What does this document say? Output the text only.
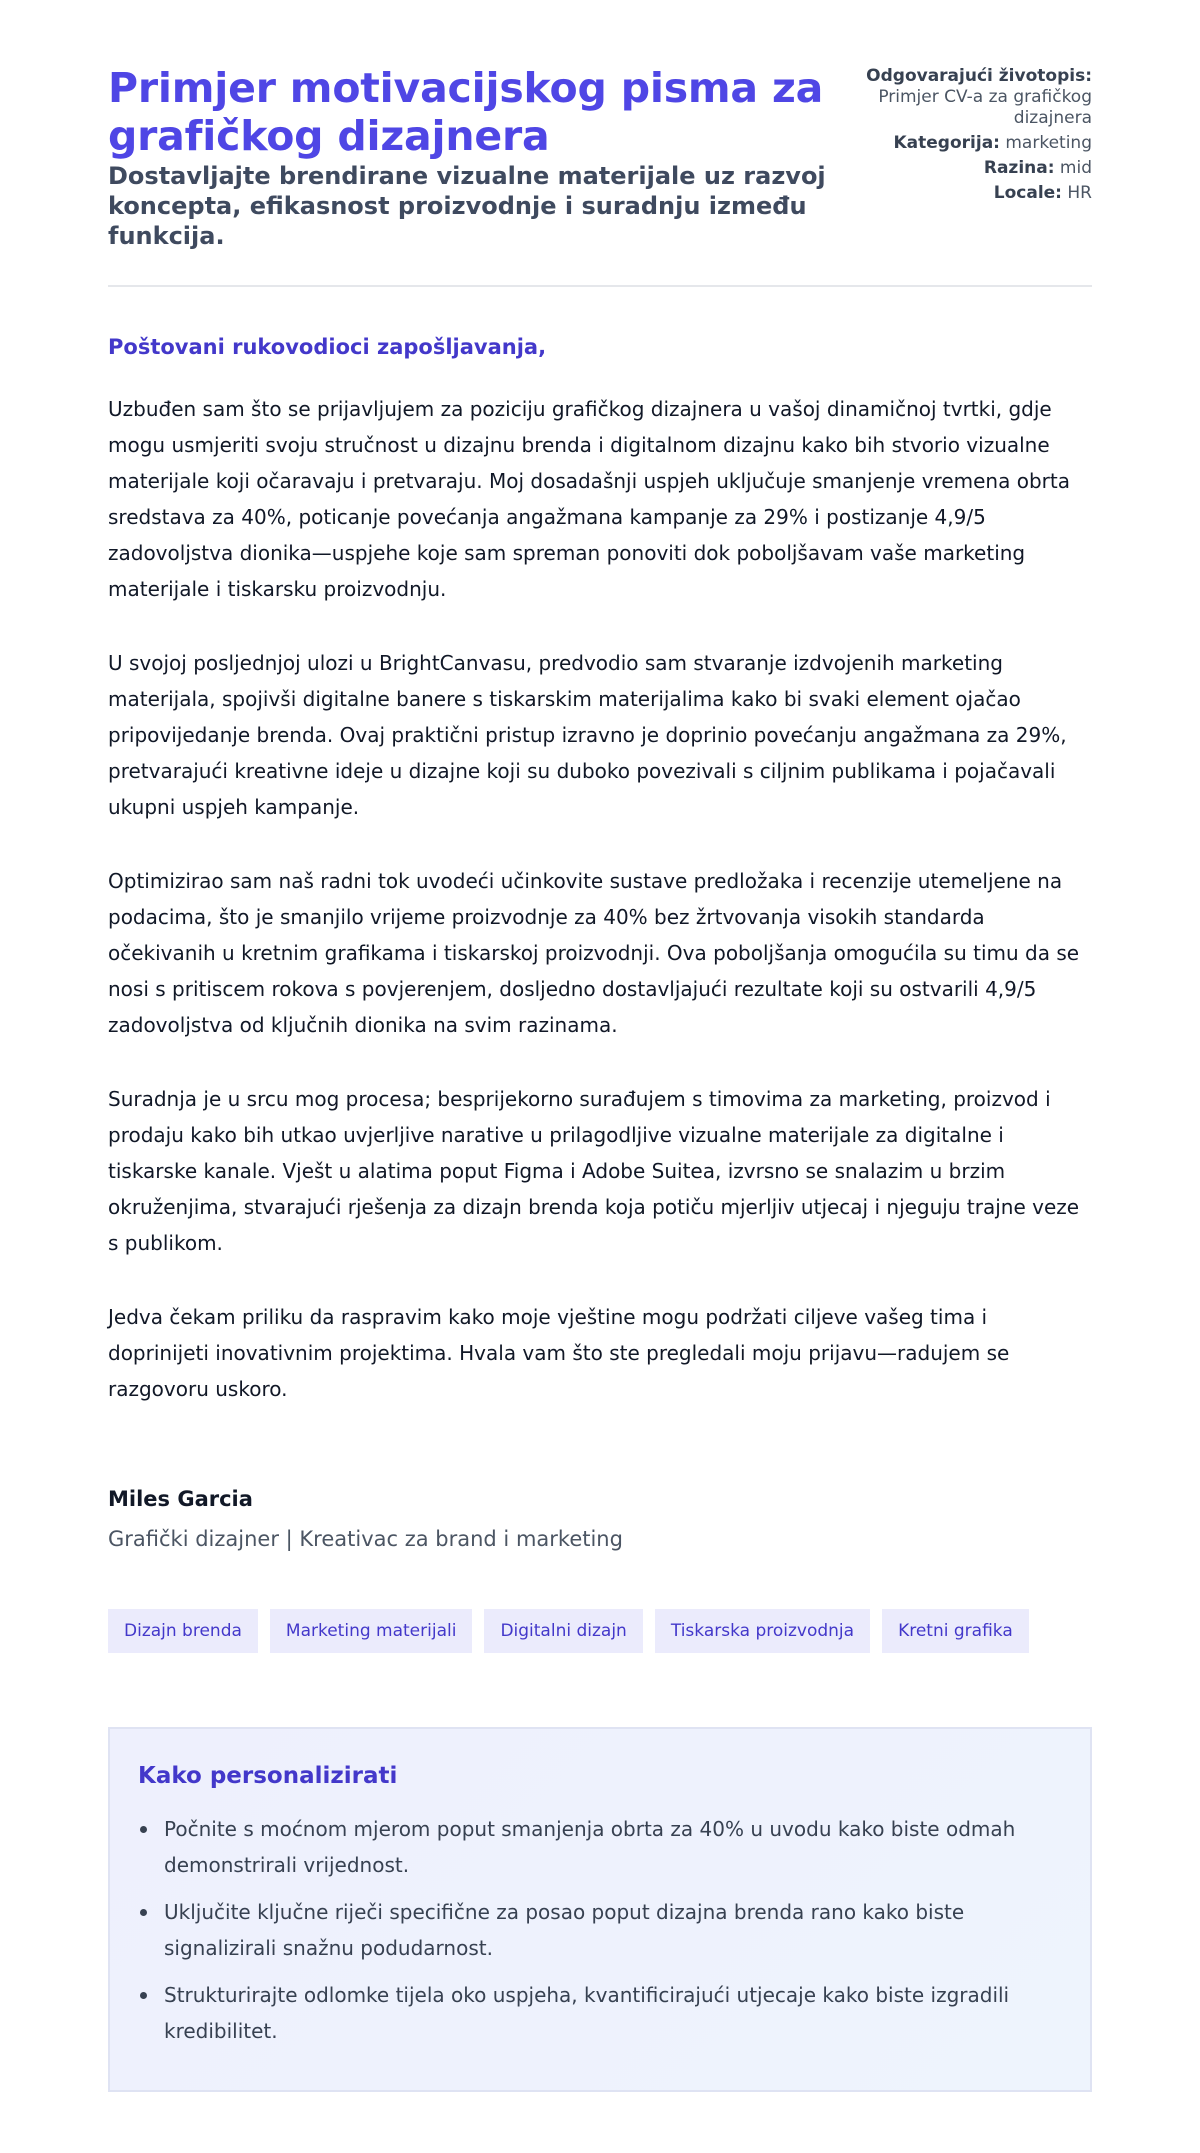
Primjer motivacijskog pisma za grafičkog dizajnera
Dostavljajte brendirane vizualne materijale uz razvoj koncepta, efikasnost proizvodnje i suradnju između funkcija.
Odgovarajući životopis:
Primjer CV-a za grafičkog dizajnera
Kategorija: marketing
Razina: mid
Locale: HR
Poštovani rukovodioci zapošljavanja,

Uzbuđen sam što se prijavljujem za poziciju grafičkog dizajnera u vašoj dinamičnoj tvrtki, gdje mogu usmjeriti svoju stručnost u dizajnu brenda i digitalnom dizajnu kako bih stvorio vizualne materijale koji očaravaju i pretvaraju. Moj dosadašnji uspjeh uključuje smanjenje vremena obrta sredstava za 40%, poticanje povećanja angažmana kampanje za 29% i postizanje 4,9/5 zadovoljstva dionika—uspjehe koje sam spreman ponoviti dok poboljšavam vaše marketing materijale i tiskarsku proizvodnju.

U svojoj posljednjoj ulozi u BrightCanvasu, predvodio sam stvaranje izdvojenih marketing materijala, spojivši digitalne banere s tiskarskim materijalima kako bi svaki element ojačao pripovijedanje brenda. Ovaj praktični pristup izravno je doprinio povećanju angažmana za 29%, pretvarajući kreativne ideje u dizajne koji su duboko povezivali s ciljnim publikama i pojačavali ukupni uspjeh kampanje.

Optimizirao sam naš radni tok uvodeći učinkovite sustave predložaka i recenzije utemeljene na podacima, što je smanjilo vrijeme proizvodnje za 40% bez žrtvovanja visokih standarda očekivanih u kretnim grafikama i tiskarskoj proizvodnji. Ova poboljšanja omogućila su timu da se nosi s pritiscem rokova s povjerenjem, dosljedno dostavljajući rezultate koji su ostvarili 4,9/5 zadovoljstva od ključnih dionika na svim razinama.

Suradnja je u srcu mog procesa; besprijekorno surađujem s timovima za marketing, proizvod i prodaju kako bih utkao uvjerljive narative u prilagodljive vizualne materijale za digitalne i tiskarske kanale. Vješt u alatima poput Figma i Adobe Suitea, izvrsno se snalazim u brzim okruženjima, stvarajući rješenja za dizajn brenda koja potiču mjerljiv utjecaj i njeguju trajne veze s publikom.

Jedva čekam priliku da raspravim kako moje vještine mogu podržati ciljeve vašeg tima i doprinijeti inovativnim projektima. Hvala vam što ste pregledali moju prijavu—radujem se razgovoru uskoro.

Miles Garcia
Grafički dizajner | Kreativac za brand i marketing
Dizajn brenda	Marketing materijali	Digitalni dizajn	Tiskarska proizvodnja	Kretni grafika
Kako personalizirati
Počnite s moćnom mjerom poput smanjenja obrta za 40% u uvodu kako biste odmah demonstrirali vrijednost.
Uključite ključne riječi specifične za posao poput dizajna brenda rano kako biste signalizirali snažnu podudarnost.
Strukturirajte odlomke tijela oko uspjeha, kvantificirajući utjecaje kako biste izgradili kredibilitet.
